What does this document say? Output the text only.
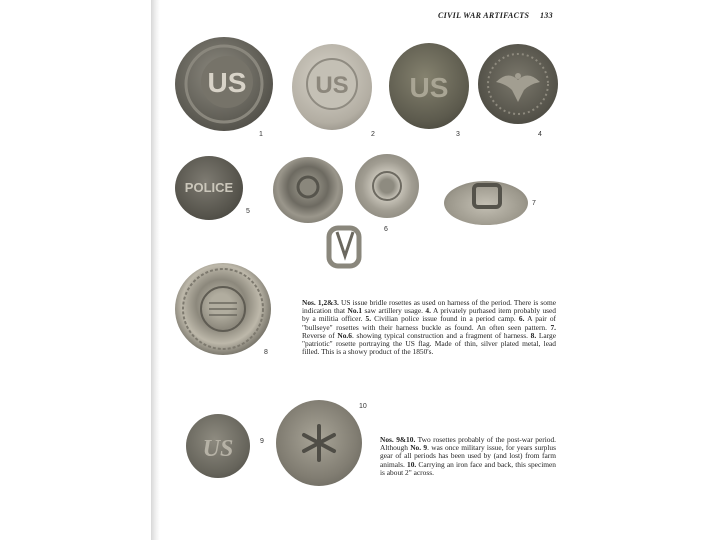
CIVIL WAR ARTIFACTS 133
US
1
US
2
US
3	4
POLICE
5
6
7
8
Nos. 1,2&3. US issue bridle rosettes as used on harness of the period. There is some indication that No.1 saw artillery usage. 4. A privately purhased item probably used by a militia officer. 5. Civilian police issue found in a period camp. 6. A pair of "bullseye" rosettes with their harness buckle as found. An often seen pattern. 7. Reverse of No.6. showing typical construction and a fragment of harness. 8. Large "patriotic" rosette portraying the US flag. Made of thin, silver plated metal, lead filled. This is a showy product of the 1850's.
US	9
10
Nos. 9&10. Two rosettes probably of the post-war period. Although No. 9. was once military issue, for years surplus gear of all periods has been used by (and lost) from farm animals. 10. Carrying an iron face and back, this specimen is about 2" across.
